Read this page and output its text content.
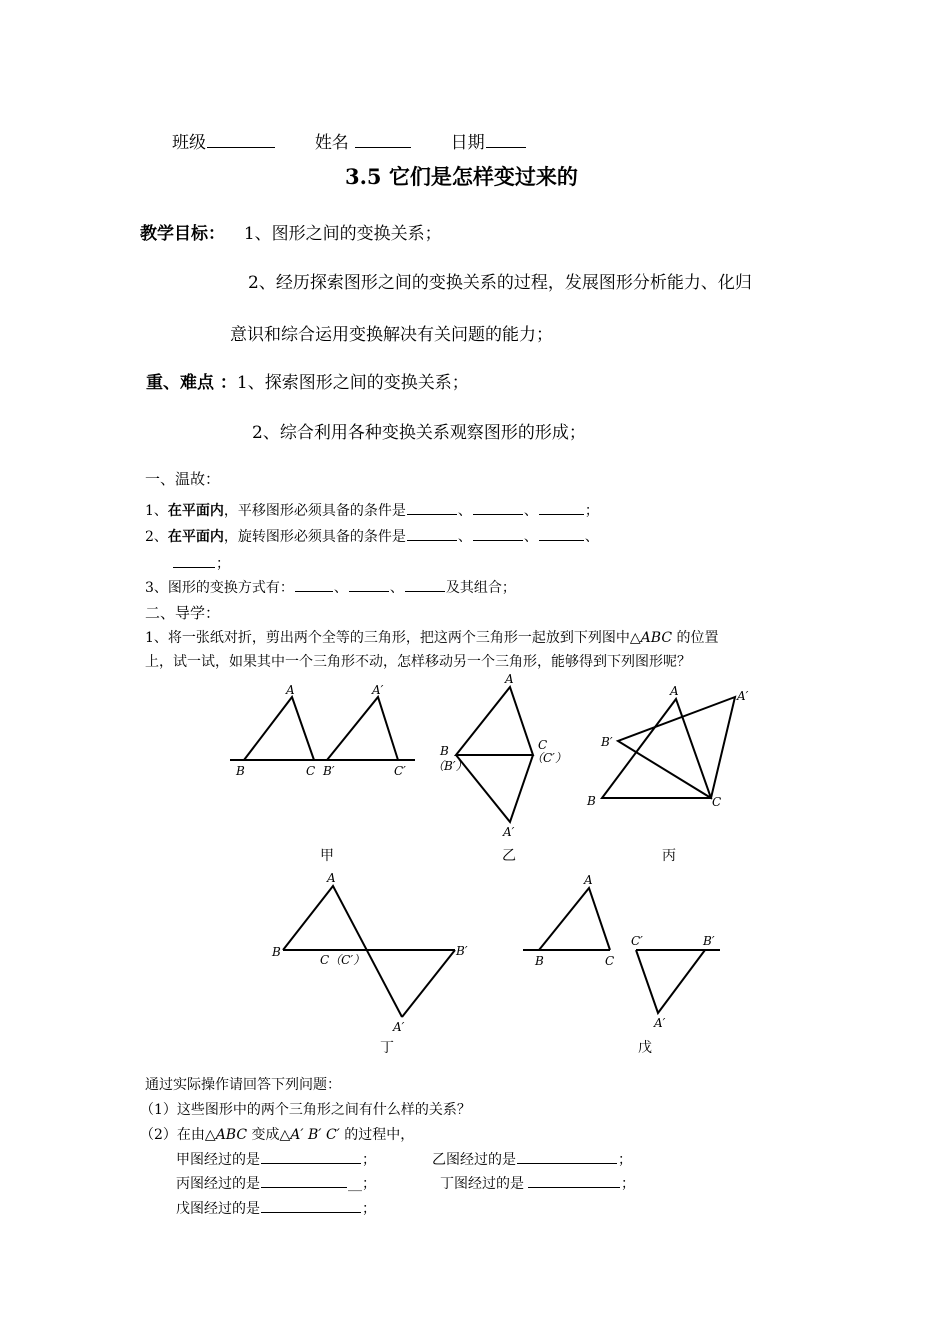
班级	姓名	日期
3.5 它们是怎样变过来的
教学目标： 1、图形之间的变换关系；
2、经历探索图形之间的变换关系的过程，发展图形分析能力、化归
意识和综合运用变换解决有关问题的能力；
重、难点 ：1、探索图形之间的变换关系；
2、综合利用各种变换关系观察图形的形成；
一、温故：
1、在平面内，平移图形必须具备的条件是	、	、	；
2、在平面内，旋转图形必须具备的条件是	、	、	、
；
3、图形的变换方式有：	、	、	及其组合；
二、导学：
1、将一张纸对折，剪出两个全等的三角形，把这两个三角形一起放到下列图中△ABC 的位置
上，试一试，如果其中一个三角形不动，怎样移动另一个三角形，能够得到下列图形呢？
A	A′
B	C B′	C′
甲
A
B
（B′）
C
（C′）
A′
乙
A	A′
B′
B	C
丙
A
B
C（C′）
B′
A′
丁
A
B	C
C′	B′
A′
戊
通过实际操作请回答下列问题：
（1）这些图形中的两个三角形之间有什么样的关系？
（2）在由△ABC 变成△A′ B′ C′ 的过程中，
甲图经过的是	；	乙图经过的是	；
丙图经过的是	__；	丁图经过的是	；
戊图经过的是	；
